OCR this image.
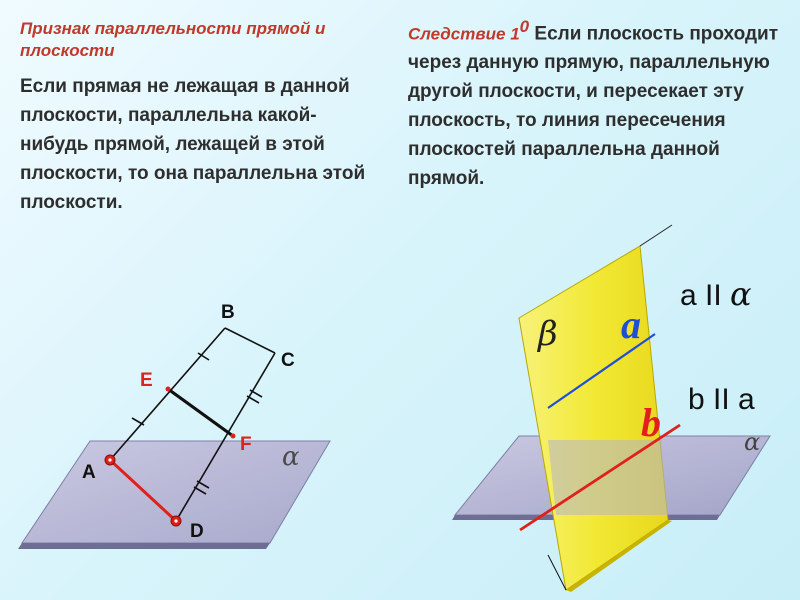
Признак параллельности прямой и плоскости
Если прямая не лежащая в данной плоскости, параллельна какой-нибудь прямой, лежащей в этой плоскости, то она параллельна этой плоскости.
Следствие $1^0$ Если плоскость проходит через данную прямую, параллельную другой плоскости, и пересекает эту плоскость, то линия пересечения плоскостей параллельна данной прямой.
α
B
C
E
F
A
D
β a
b	α
a II α
b II a
